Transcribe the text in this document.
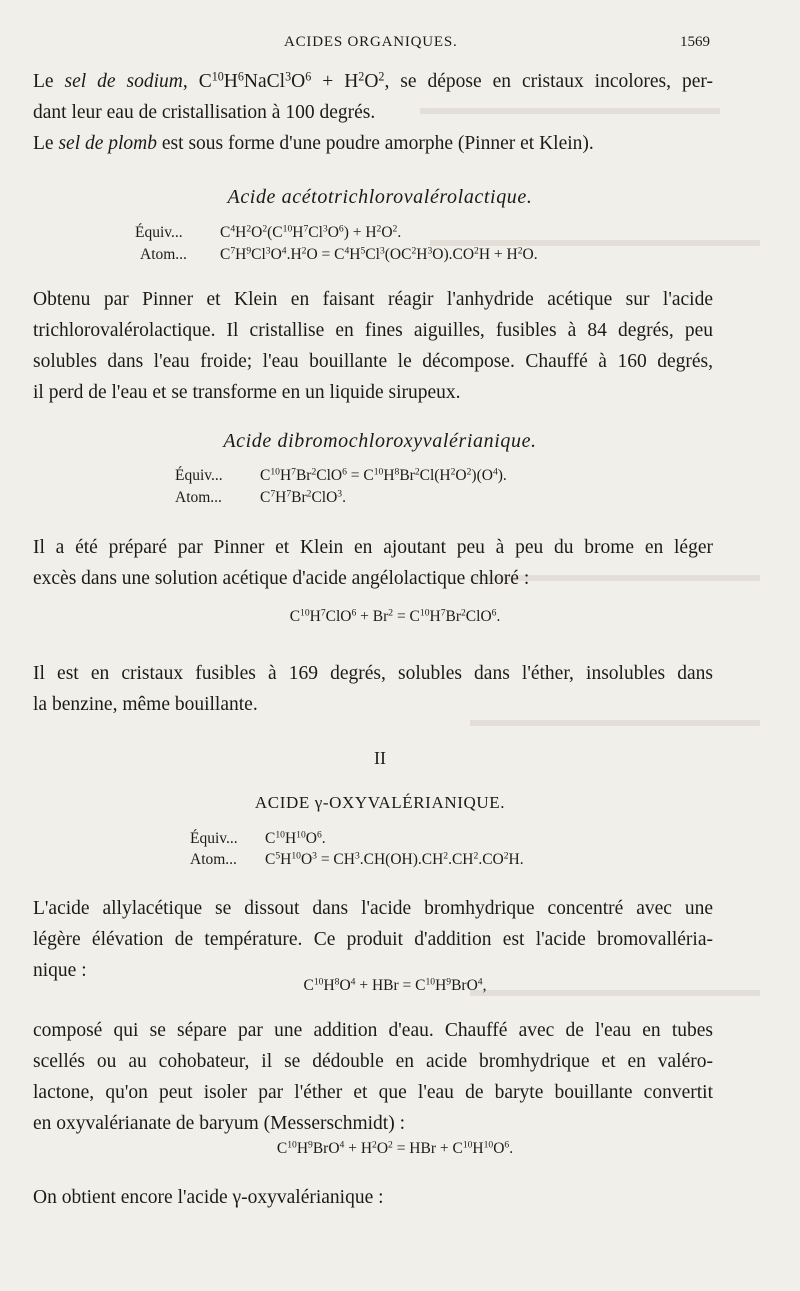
ACIDES ORGANIQUES.	1569
Le sel de sodium, $C^{10}H^6NaCl^3O^6 + H^2O^2$, se dépose en cristaux incolores, per-
dant leur eau de cristallisation à 100 degrés.
Le sel de plomb est sous forme d'une poudre amorphe (Pinner et Klein).
Acide acétotrichlorovalérolactique.
Équiv... $C^4H^2O^2(C^{10}H^7Cl^3O^6) + H^2O^2$.
Atom... $C^7H^9Cl^3O^4.H^2O = C^4H^5Cl^3(OC^2H^3O).CO^2H + H^2O$.
Obtenu par Pinner et Klein en faisant réagir l'anhydride acétique sur l'acide
trichlorovalérolactique. Il cristallise en fines aiguilles, fusibles à 84 degrés, peu
solubles dans l'eau froide; l'eau bouillante le décompose. Chauffé à 160 degrés,
il perd de l'eau et se transforme en un liquide sirupeux.
Acide dibromochloroxyvalérianique.
Équiv... $C^{10}H^7Br^2ClO^6 = C^{10}H^8Br^2Cl(H^2O^2)(O^4)$.
Atom... $C^7H^7Br^2ClO^3$.
Il a été préparé par Pinner et Klein en ajoutant peu à peu du brome en léger
excès dans une solution acétique d'acide angélolactique chloré :
$C^{10}H^7ClO^6 + Br^2 = C^{10}H^7Br^2ClO^6$.
Il est en cristaux fusibles à 169 degrés, solubles dans l'éther, insolubles dans
la benzine, même bouillante.
II
ACIDE γ-OXYVALÉRIANIQUE.
Équiv... $C^{10}H^{10}O^6$.
Atom... $C^5H^{10}O^3 = CH^3.CH(OH).CH^2.CH^2.CO^2H$.
L'acide allylacétique se dissout dans l'acide bromhydrique concentré avec une
légère élévation de température. Ce produit d'addition est l'acide bromovalléria-
nique :
$C^{10}H^8O^4$ + HBr = $C^{10}H^9BrO^4$,
composé qui se sépare par une addition d'eau. Chauffé avec de l'eau en tubes
scellés ou au cohobateur, il se dédouble en acide bromhydrique et en valéro-
lactone, qu'on peut isoler par l'éther et que l'eau de baryte bouillante convertit
en oxyvalérianate de baryum (Messerschmidt) :
$C^{10}H^9BrO^4 + H^2O^2$ = HBr + $C^{10}H^{10}O^6$.
On obtient encore l'acide γ-oxyvalérianique :
